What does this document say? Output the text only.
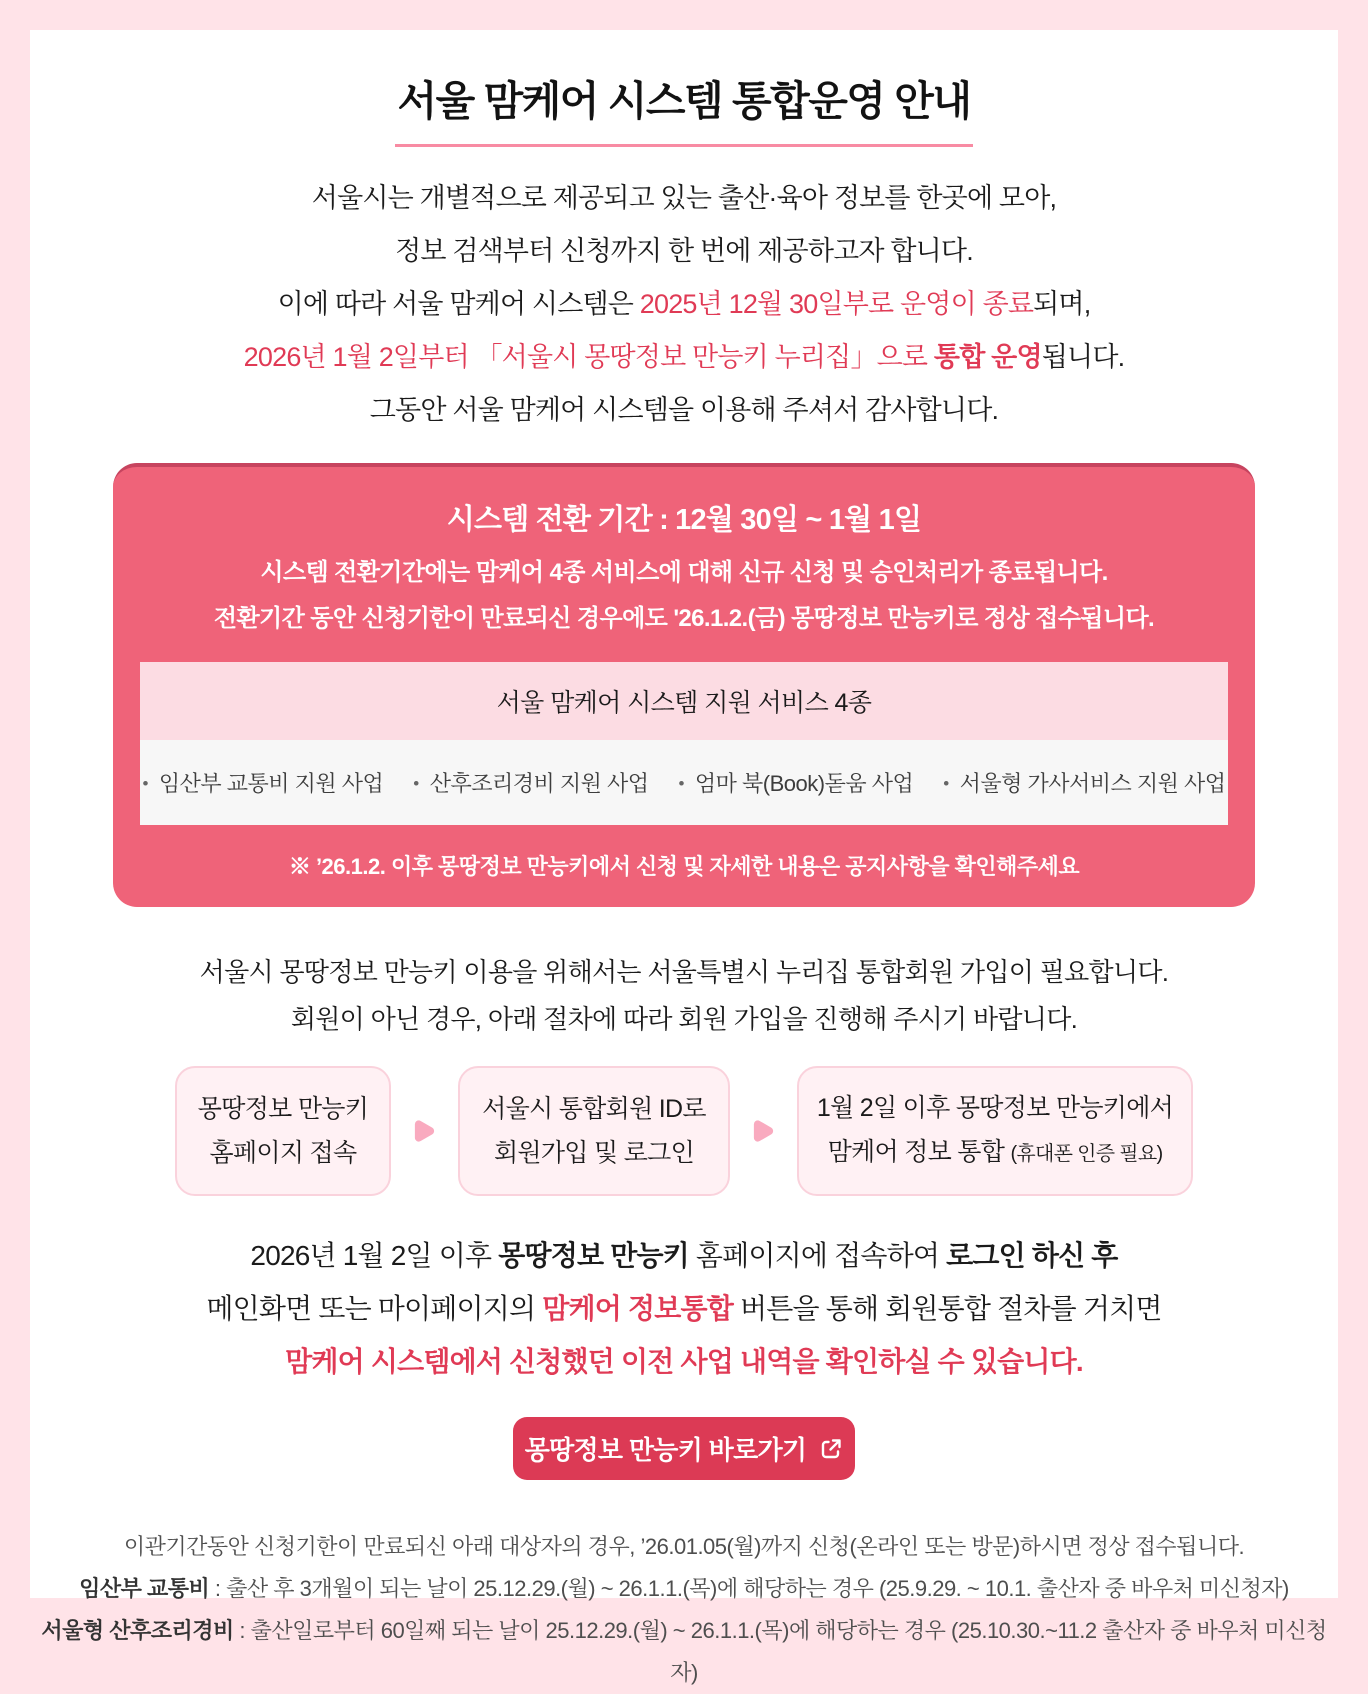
서울 맘케어 시스템 통합운영 안내

서울시는 개별적으로 제공되고 있는 출산·육아 정보를 한곳에 모아,

정보 검색부터 신청까지 한 번에 제공하고자 합니다.

이에 따라 서울 맘케어 시스템은 2025년 12월 30일부로 운영이 종료되며,

2026년 1월 2일부터 「서울시 몽땅정보 만능키 누리집」으로 통합 운영됩니다.

그동안 서울 맘케어 시스템을 이용해 주셔서 감사합니다.

시스템 전환 기간 : 12월 30일 ~ 1월 1일

시스템 전환기간에는 맘케어 4종 서비스에 대해 신규 신청 및 승인처리가 종료됩니다.

전환기간 동안 신청기한이 만료되신 경우에도 '26.1.2.(금) 몽땅정보 만능키로 정상 접수됩니다.

서울 맘케어 시스템 지원 서비스 4종
• 임산부 교통비 지원 사업	• 산후조리경비 지원 사업	• 엄마 북(Book)돋움 사업	• 서울형 가사서비스 지원 사업

※ ’26.1.2. 이후 몽땅정보 만능키에서 신청 및 자세한 내용은 공지사항을 확인해주세요

서울시 몽땅정보 만능키 이용을 위해서는 서울특별시 누리집 통합회원 가입이 필요합니다.

회원이 아닌 경우, 아래 절차에 따라 회원 가입을 진행해 주시기 바랍니다.

몽땅정보 만능키

홈페이지 접속

서울시 통합회원 ID로

회원가입 및 로그인

1월 2일 이후 몽땅정보 만능키에서

맘케어 정보 통합 (휴대폰 인증 필요)

2026년 1월 2일 이후 몽땅정보 만능키 홈페이지에 접속하여 로그인 하신 후

메인화면 또는 마이페이지의 맘케어 정보통합 버튼을 통해 회원통합 절차를 거치면

맘케어 시스템에서 신청했던 이전 사업 내역을 확인하실 수 있습니다.

몽땅정보 만능키 바로가기

이관기간동안 신청기한이 만료되신 아래 대상자의 경우, ’26.01.05(월)까지 신청(온라인 또는 방문)하시면 정상 접수됩니다.

임산부 교통비 : 출산 후 3개월이 되는 날이 25.12.29.(월) ~ 26.1.1.(목)에 해당하는 경우 (25.9.29. ~ 10.1. 출산자 중 바우처 미신청자)

서울형 산후조리경비 : 출산일로부터 60일째 되는 날이 25.12.29.(월) ~ 26.1.1.(목)에 해당하는 경우 (25.10.30.~11.2 출산자 중 바우처 미신청자)
